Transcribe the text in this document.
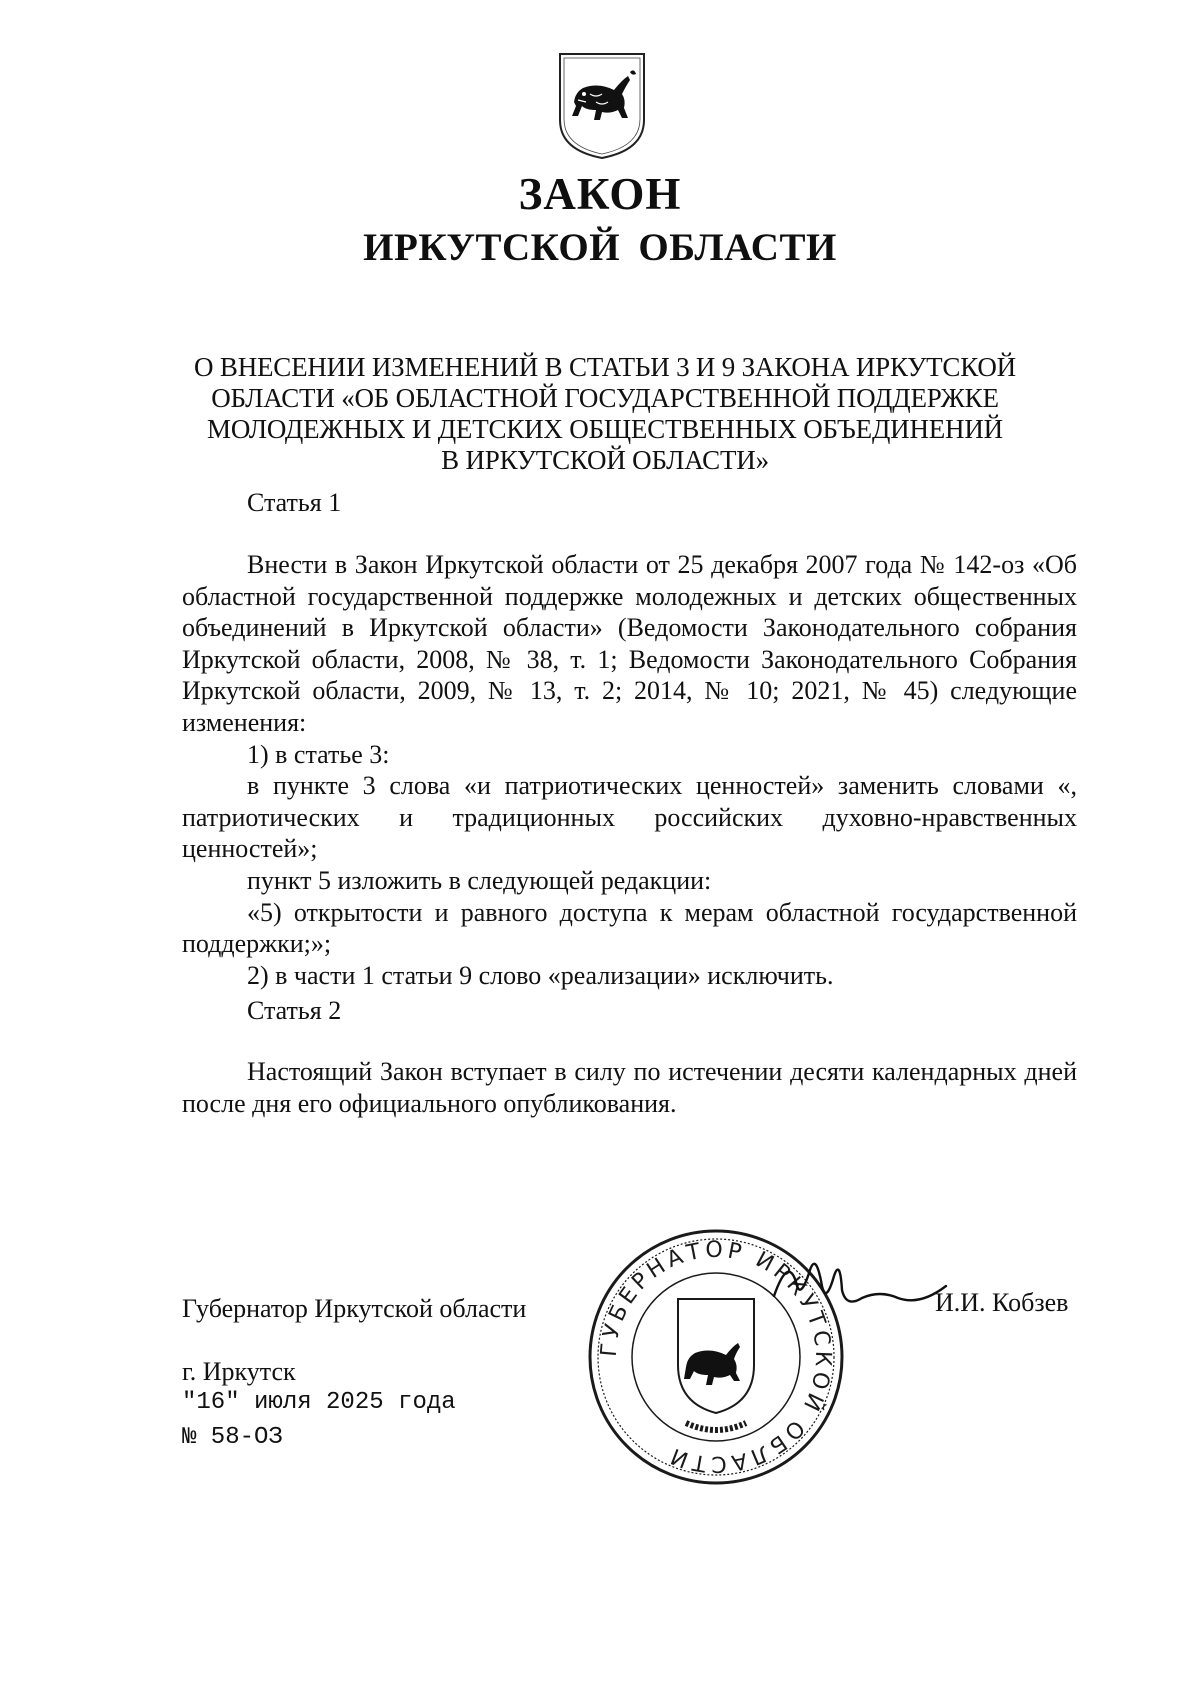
ЗАКОН
ИРКУТСКОЙ ОБЛАСТИ
О ВНЕСЕНИИ ИЗМЕНЕНИЙ В СТАТЬИ 3 И 9 ЗАКОНА ИРКУТСКОЙ
ОБЛАСТИ «ОБ ОБЛАСТНОЙ ГОСУДАРСТВЕННОЙ ПОДДЕРЖКЕ
МОЛОДЕЖНЫХ И ДЕТСКИХ ОБЩЕСТВЕННЫХ ОБЪЕДИНЕНИЙ
В ИРКУТСКОЙ ОБЛАСТИ»
Статья 1

Внести в Закон Иркутской области от 25 декабря 2007 года № 142-оз «Об областной государственной поддержке молодежных и детских общественных объединений в Иркутской области» (Ведомости Законодательного собрания Иркутской области, 2008, № 38, т. 1; Ведомости Законодательного Собрания Иркутской области, 2009, № 13, т. 2; 2014, № 10; 2021, № 45) следующие изменения:

1) в статье 3:

в пункте 3 слова «и патриотических ценностей» заменить словами «, патриотических и традиционных российских духовно-нравственных ценностей»;

пункт 5 изложить в следующей редакции:

«5) открытости и равного доступа к мерам областной государственной поддержки;»;

2) в части 1 статьи 9 слово «реализации» исключить.

Статья 2

Настоящий Закон вступает в силу по истечении десяти календарных дней после дня его официального опубликования.

Губернатор Иркутской области
ГУБЕРНАТОР ИРКУТСКОЙ ОБЛАСТИ
И.И. Кобзев
г. Иркутск
"16" июля 2025 года
№ 58-ОЗ
